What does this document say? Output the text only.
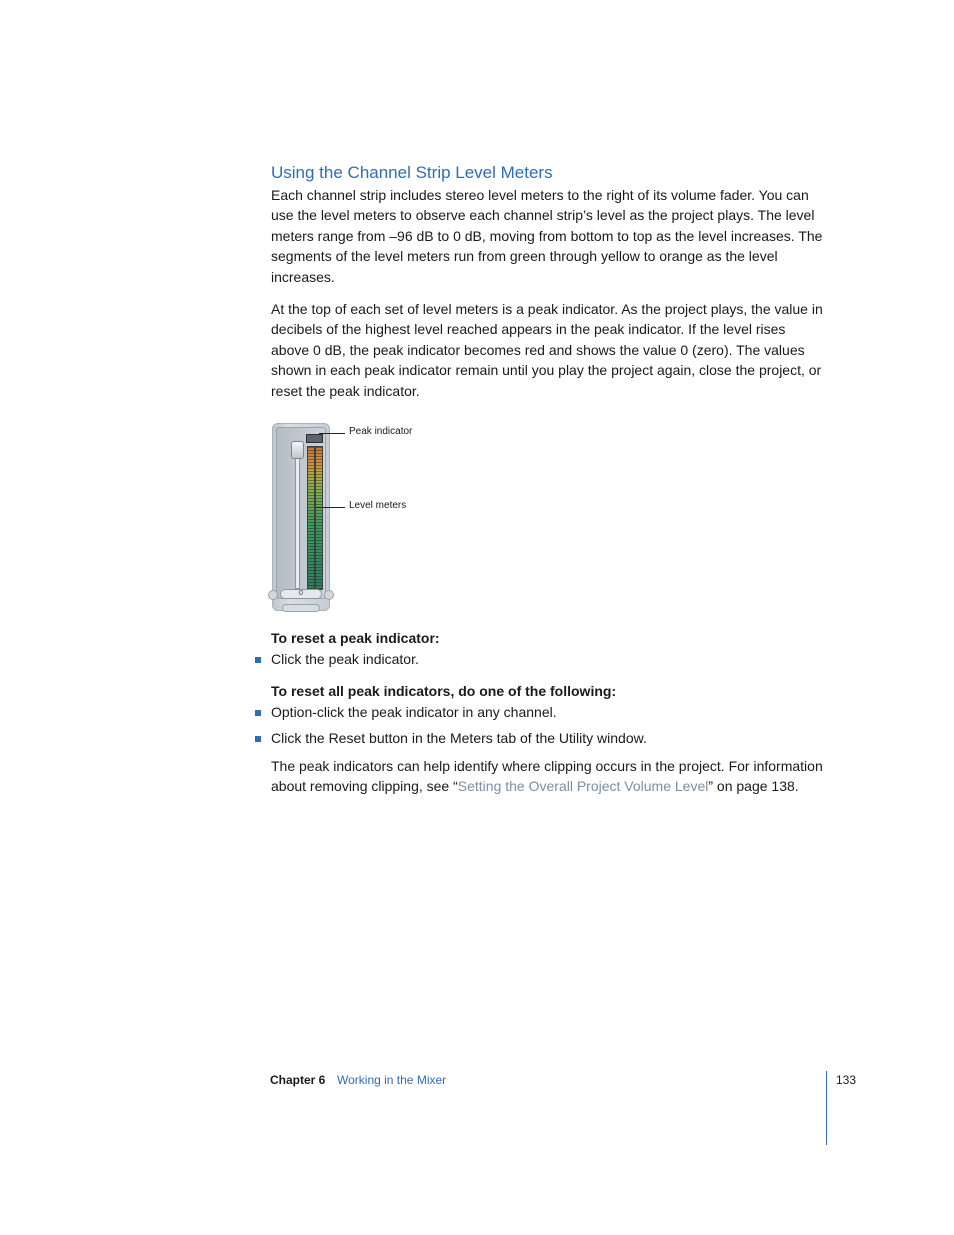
Using the Channel Strip Level Meters

Each channel strip includes stereo level meters to the right of its volume fader. You can use the level meters to observe each channel strip’s level as the project plays. The level meters range from –96 dB to 0 dB, moving from bottom to top as the level increases. The segments of the level meters run from green through yellow to orange as the level increases.

At the top of each set of level meters is a peak indicator. As the project plays, the value in decibels of the highest level reached appears in the peak indicator. If the level rises above 0 dB, the peak indicator becomes red and shows the value 0 (zero). The values shown in each peak indicator remain until you play the project again, close the project, or reset the peak indicator.

0
Peak indicator
Level meters
To reset a peak indicator:
Click the peak indicator.
To reset all peak indicators, do one of the following:
Option-click the peak indicator in any channel.
Click the Reset button in the Meters tab of the Utility window.

The peak indicators can help identify where clipping occurs in the project. For information about removing clipping, see “Setting the Overall Project Volume Level” on page 138.

Chapter 6 Working in the Mixer	133
